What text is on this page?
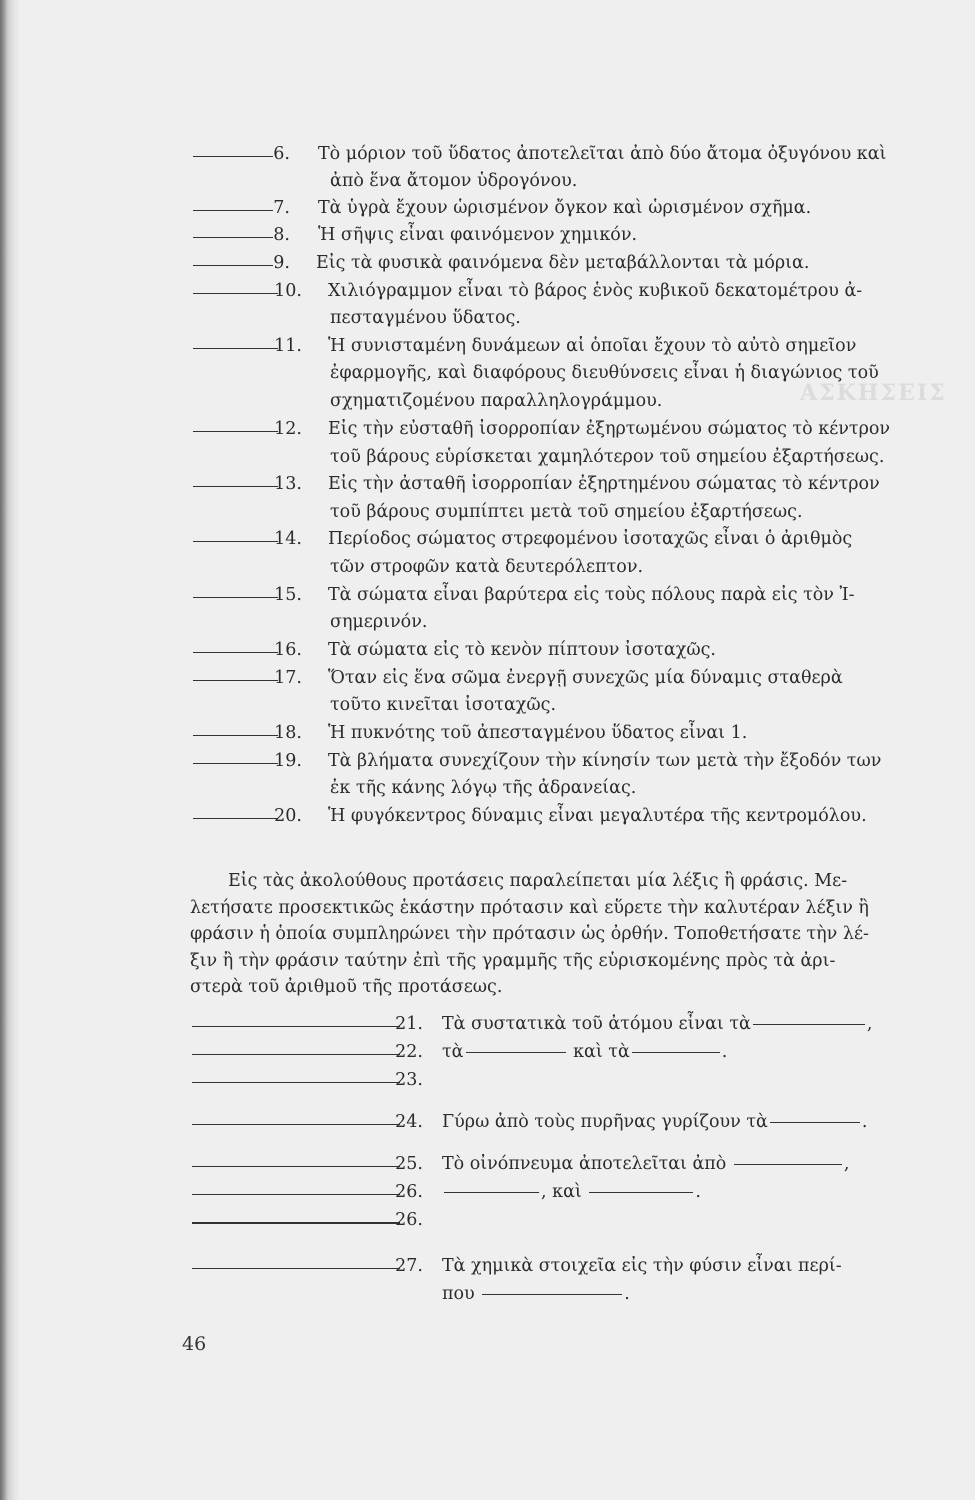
ΑΣΚΗΣΕΙΣ
6. Τὸ μόριον τοῦ ὕδατος ἀποτελεῖται ἀπὸ δύο ἄτομα ὀξυγόνου καὶ
ἀπὸ ἕνα ἄτομον ὑδρογόνου.
7. Τὰ ὑγρὰ ἔχουν ὡρισμένον ὄγκον καὶ ὡρισμένον σχῆμα.
8. Ἡ σῆψις εἶναι φαινόμενον χημικόν.
9. Εἰς τὰ φυσικὰ φαινόμενα δὲν μεταβάλλονται τὰ μόρια.
10. Χιλιόγραμμον εἶναι τὸ βάρος ἑνὸς κυβικοῦ δεκατομέτρου ἀ-
πεσταγμένου ὕδατος.
11. Ἡ συνισταμένη δυνάμεων αἱ ὁποῖαι ἔχουν τὸ αὐτὸ σημεῖον
ἐφαρμογῆς, καὶ διαφόρους διευθύνσεις εἶναι ἡ διαγώνιος τοῦ
σχηματιζομένου παραλληλογράμμου.
12. Εἰς τὴν εὐσταθῆ ἰσορροπίαν ἐξηρτωμένου σώματος τὸ κέντρον
τοῦ βάρους εὑρίσκεται χαμηλότερον τοῦ σημείου ἐξαρτήσεως.
13. Εἰς τὴν ἀσταθῆ ἰσορροπίαν ἐξηρτημένου σώματας τὸ κέντρον
τοῦ βάρους συμπίπτει μετὰ τοῦ σημείου ἐξαρτήσεως.
14. Περίοδος σώματος στρεφομένου ἰσοταχῶς εἶναι ὁ ἀριθμὸς
τῶν στροφῶν κατὰ δευτερόλεπτον.
15. Τὰ σώματα εἶναι βαρύτερα εἰς τοὺς πόλους παρὰ εἰς τὸν Ἰ-
σημερινόν.
16. Τὰ σώματα εἰς τὸ κενὸν πίπτουν ἰσοταχῶς.
17. Ὅταν εἰς ἕνα σῶμα ἐνεργῇ συνεχῶς μία δύναμις σταθερὰ
τοῦτο κινεῖται ἰσοταχῶς.
18. Ἡ πυκνότης τοῦ ἀπεσταγμένου ὕδατος εἶναι 1.
19. Τὰ βλήματα συνεχίζουν τὴν κίνησίν των μετὰ τὴν ἔξοδόν των
ἐκ τῆς κάνης λόγῳ τῆς ἀδρανείας.
20. Ἡ φυγόκεντρος δύναμις εἶναι μεγαλυτέρα τῆς κεντρομόλου.
Εἰς τὰς ἀκολούθους προτάσεις παραλείπεται μία λέξις ἢ φράσις. Με-
λετήσατε προσεκτικῶς ἑκάστην πρότασιν καὶ εὕρετε τὴν καλυτέραν λέξιν ἢ
φράσιν ἡ ὁποία συμπληρώνει τὴν πρότασιν ὡς ὀρθήν. Τοποθετήσατε τὴν λέ-
ξιν ἢ τὴν φράσιν ταύτην ἐπὶ τῆς γραμμῆς τῆς εὑρισκομένης πρὸς τὰ ἀρι-
στερὰ τοῦ ἀριθμοῦ τῆς προτάσεως.
21. Τὰ συστατικὰ τοῦ ἀτόμου εἶναι τὰ	,
22. τὰ	καὶ τὰ	.
23.
24. Γύρω ἀπὸ τοὺς πυρῆνας γυρίζουν τὰ	.
25. Τὸ οἰνόπνευμα ἀποτελεῖται ἀπὸ	,
26.	, καὶ	.
26.
27. Τὰ χημικὰ στοιχεῖα εἰς τὴν φύσιν εἶναι περί-
που	.
46
